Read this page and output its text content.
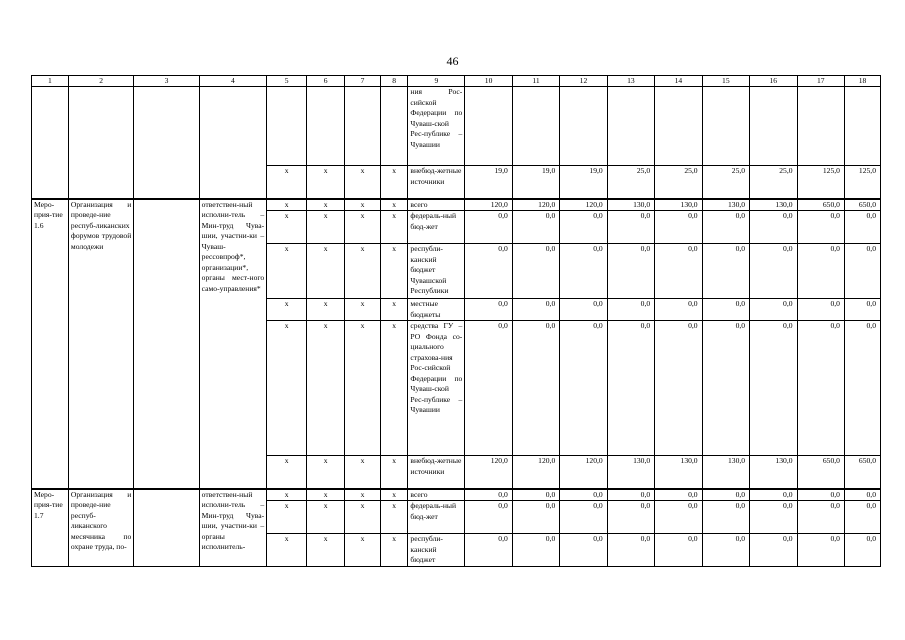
46
1	2	3	4	5	6	7	8	9	10	11	12	13	14	15	16	17	18
								ния Рос-сийской Федерации по Чуваш-ской Рес-публике – Чувашии									
				x	x	x	x	внебюд-жетные источники	19,0	19,0	19,0	25,0	25,0	25,0	25,0	125,0	125,0
Меро-прия-тие 1.6	Организация и проведе-ние респуб-ликанских форумов трудовой молодежи		ответствен-ный исполни-тель – Мин-труд Чува-шии, участни-ки – Чуваш-рессовпроф*, организации*, органы мест-ного само-управления*	x	x	x	x	всего	120,0	120,0	120,0	130,0	130,0	130,0	130,0	650,0	650,0
				x	x	x	x	федераль-ный бюд-жет	0,0	0,0	0,0	0,0	0,0	0,0	0,0	0,0	0,0
				x	x	x	x	республи-канский бюджет Чувашской Республики	0,0	0,0	0,0	0,0	0,0	0,0	0,0	0,0	0,0
				x	x	x	x	местные бюджеты	0,0	0,0	0,0	0,0	0,0	0,0	0,0	0,0	0,0
				x	x	x	x	средства ГУ – РО Фонда со-циального страхова-ния Рос-сийской Федерации по Чуваш-ской Рес-публике – Чувашии	0,0	0,0	0,0	0,0	0,0	0,0	0,0	0,0	0,0
				x	x	x	x	внебюд-жетные источники	120,0	120,0	120,0	130,0	130,0	130,0	130,0	650,0	650,0
Меро-прия-тие 1.7	Организация и проведе-ние респуб-ликанского месячника по охране труда, по-		ответствен-ный исполни-тель – Мин-труд Чува-шии, участни-ки – органы исполнитель-	x	x	x	x	всего	0,0	0,0	0,0	0,0	0,0	0,0	0,0	0,0	0,0
				x	x	x	x	федераль-ный бюд-жет	0,0	0,0	0,0	0,0	0,0	0,0	0,0	0,0	0,0
				x	x	x	x	республи-канский бюджет	0,0	0,0	0,0	0,0	0,0	0,0	0,0	0,0	0,0
